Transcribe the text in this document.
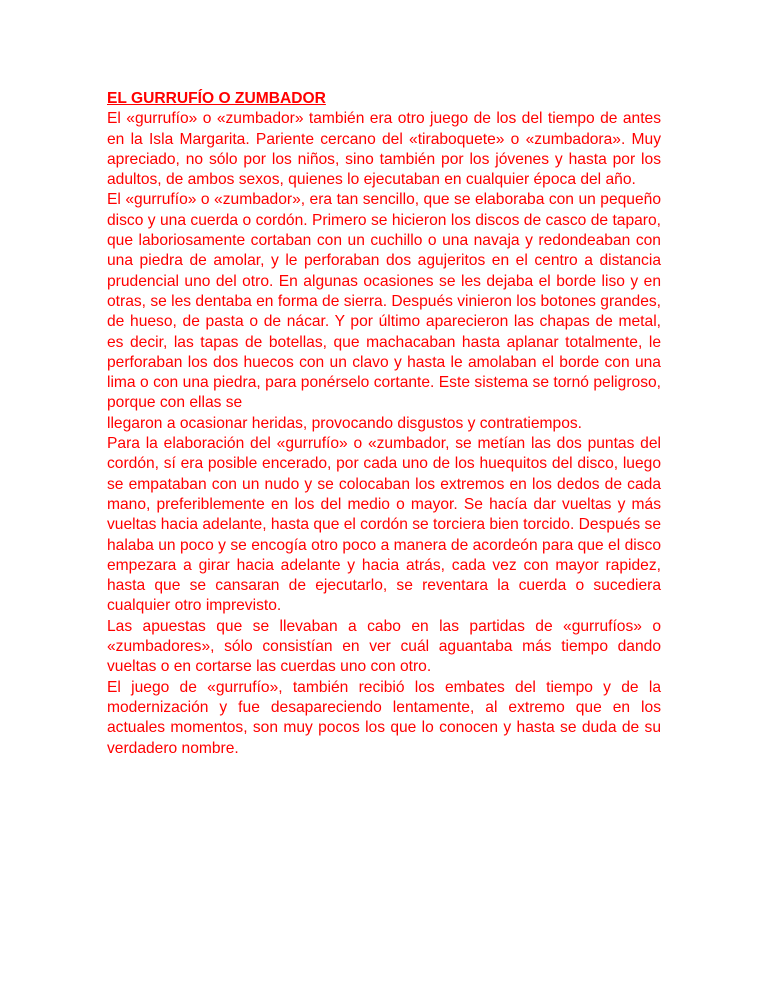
EL GURRUFÍO O ZUMBADOR

El «gurrufío» o «zumbador» también era otro juego de los del tiempo de antes en la Isla Margarita. Pariente cercano del «tiraboquete» o «zumbadora». Muy apreciado, no sólo por los niños, sino también por los jóvenes y hasta por los adultos, de ambos sexos, quienes lo ejecutaban en cualquier época del año.

El «gurrufío» o «zumbador», era tan sencillo, que se elaboraba con un pequeño disco y una cuerda o cordón. Primero se hicieron los discos de casco de taparo, que laboriosamente cortaban con un cuchillo o una navaja y redondeaban con una piedra de amolar, y le perforaban dos agujeritos en el centro a distancia prudencial uno del otro. En algunas ocasiones se les dejaba el borde liso y en otras, se les dentaba en forma de sierra. Después vinieron los botones grandes, de hueso, de pasta o de nácar. Y por último aparecieron las chapas de metal, es decir, las tapas de botellas, que machacaban hasta aplanar totalmente, le perforaban los dos huecos con un clavo y hasta le amolaban el borde con una lima o con una piedra, para ponérselo cortante. Este sistema se tornó peligroso, porque con ellas se

llegaron a ocasionar heridas, provocando disgustos y contratiempos.

Para la elaboración del «gurrufío» o «zumbador, se metían las dos puntas del cordón, sí era posible encerado, por cada uno de los huequitos del disco, luego se empataban con un nudo y se colocaban los extremos en los dedos de cada mano, preferiblemente en los del medio o mayor. Se hacía dar vueltas y más vueltas hacia adelante, hasta que el cordón se torciera bien torcido. Después se halaba un poco y se encogía otro poco a manera de acordeón para que el disco empezara a girar hacia adelante y hacia atrás, cada vez con mayor rapidez, hasta que se cansaran de ejecutarlo, se reventara la cuerda o sucediera cualquier otro imprevisto.

Las apuestas que se llevaban a cabo en las partidas de «gurrufíos» o «zumbadores», sólo consistían en ver cuál aguantaba más tiempo dando vueltas o en cortarse las cuerdas uno con otro.

El juego de «gurrufío», también recibió los embates del tiempo y de la modernización y fue desapareciendo lentamente, al extremo que en los actuales momentos, son muy pocos los que lo conocen y hasta se duda de su verdadero nombre.
